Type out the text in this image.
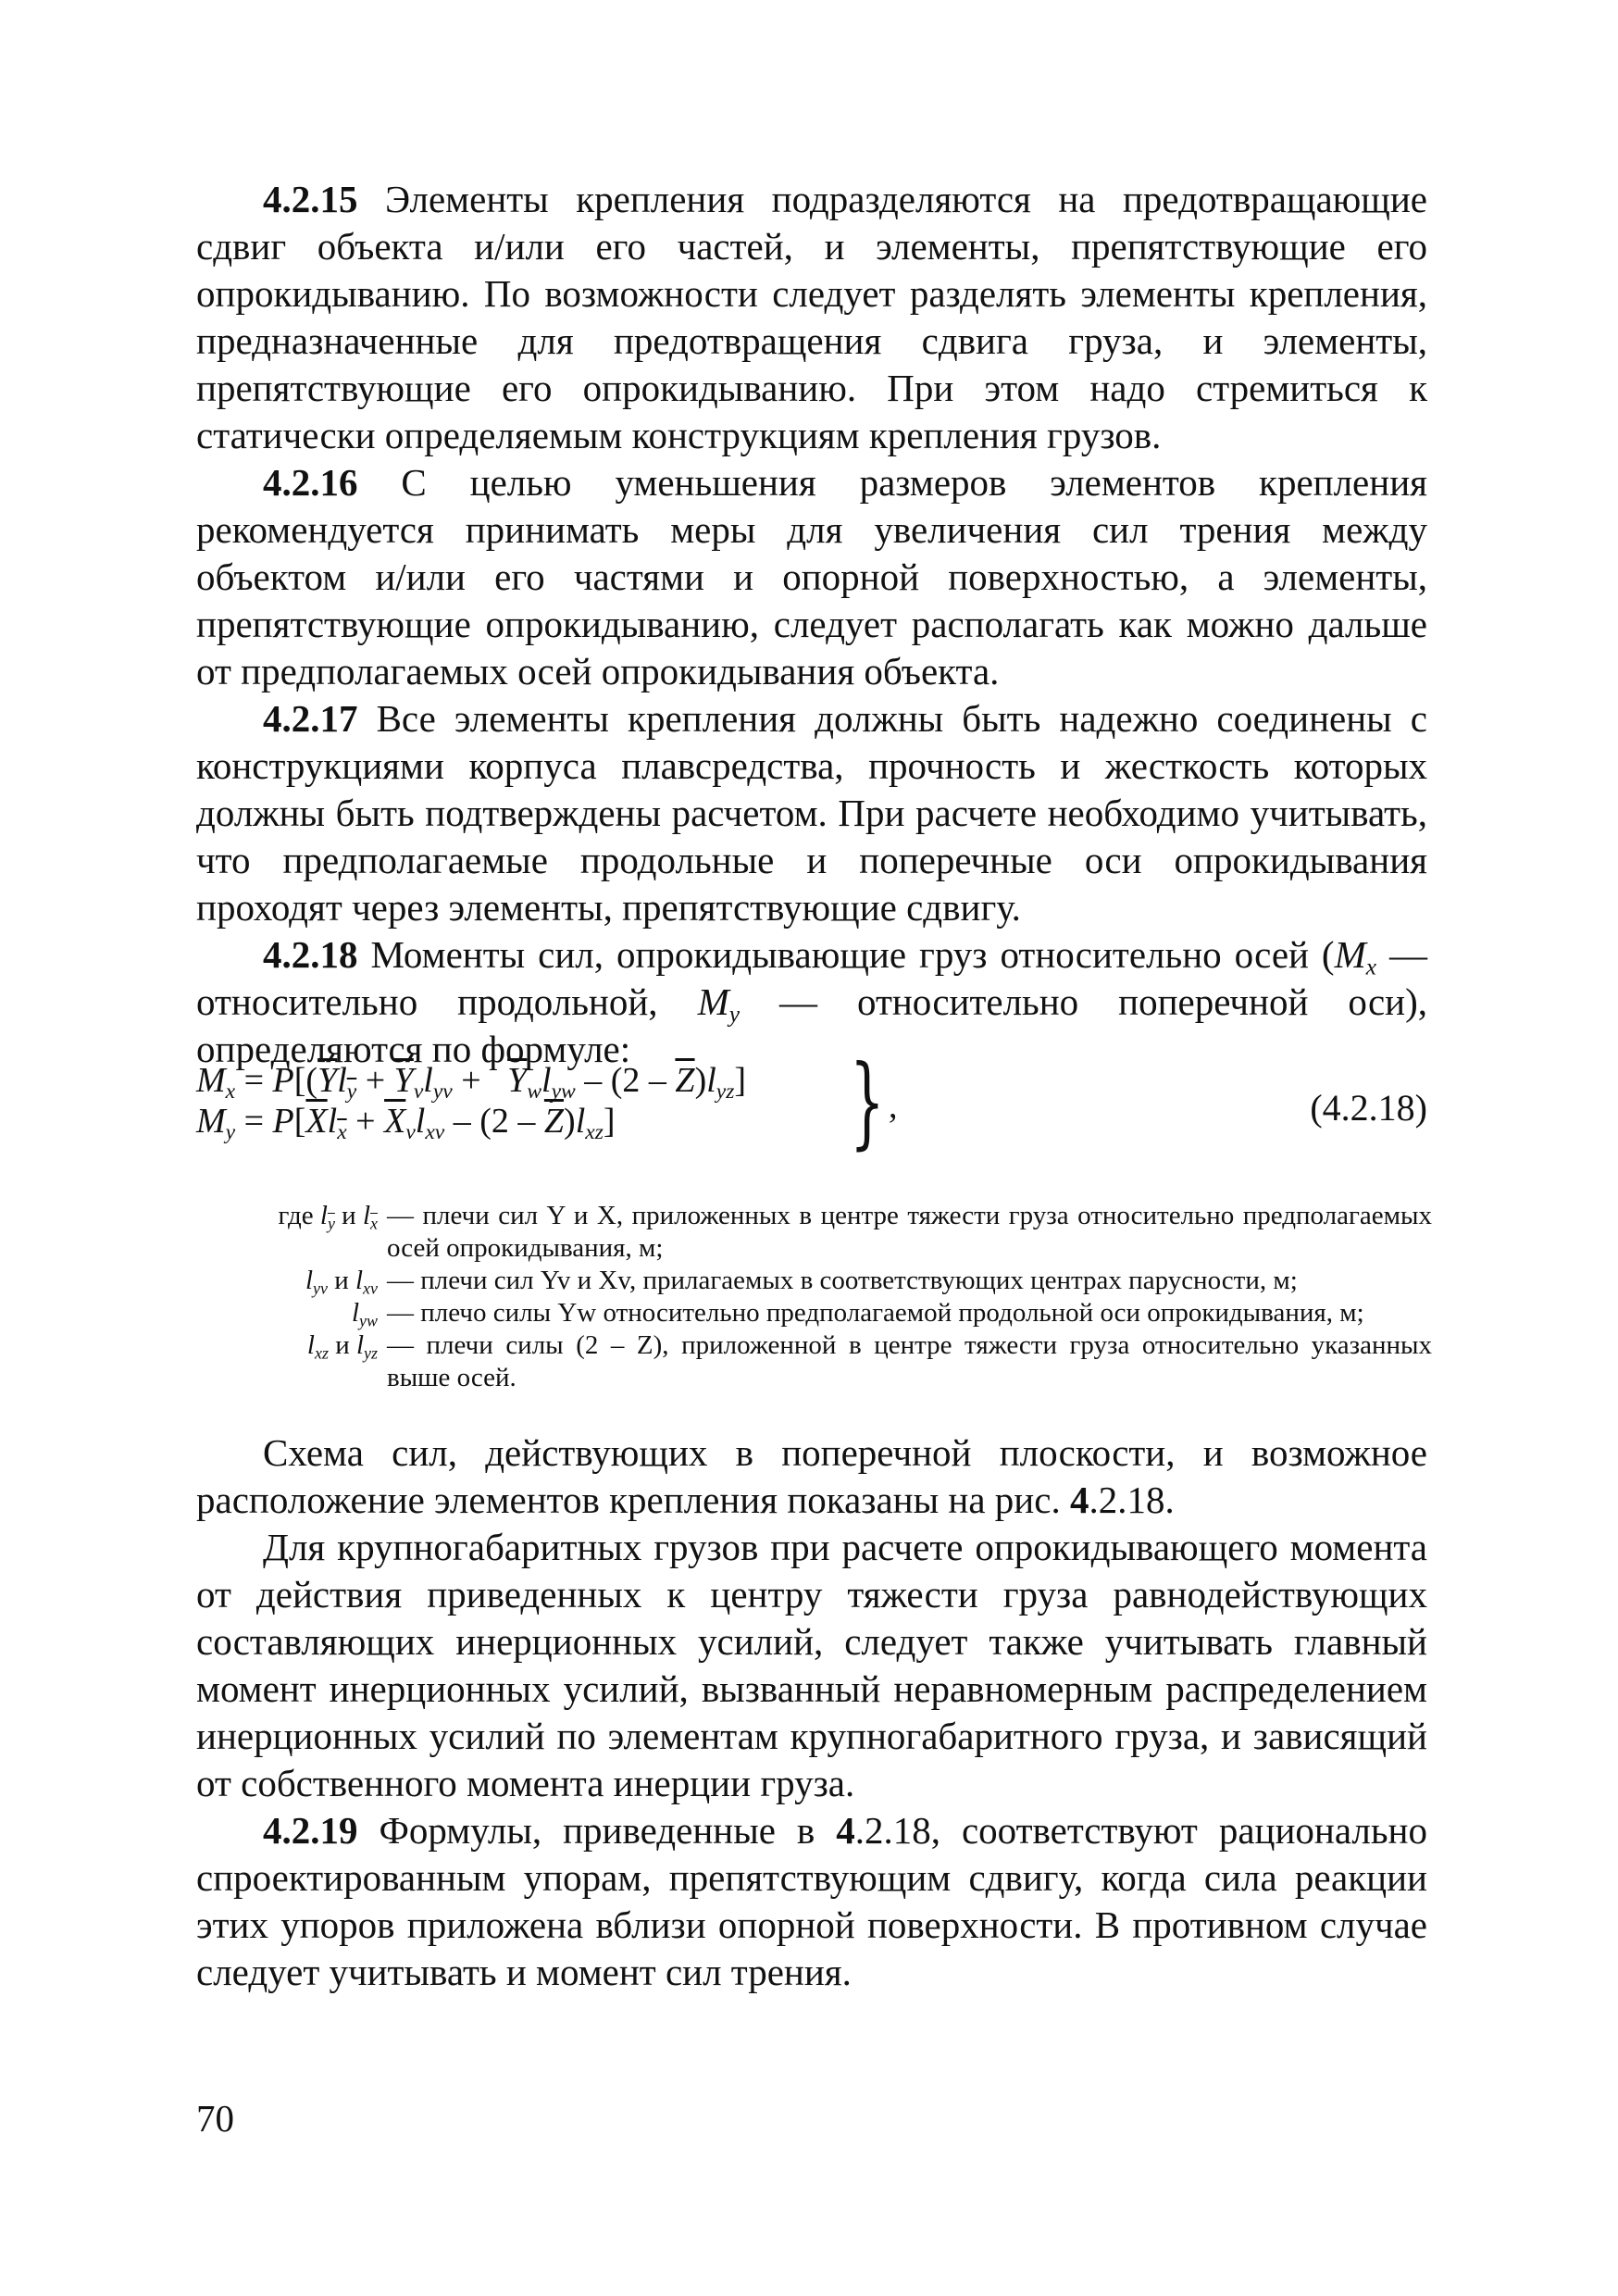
4.2.15 Элементы крепления подразделяются на предотвращающие сдвиг объекта и/или его частей, и элементы, препятствующие его опрокидыванию. По возможности следует разделять элементы крепления, предназначенные для предотвращения сдвига груза, и элементы, препятствующие его опрокидыванию. При этом надо стремиться к статически определяемым конструкциям крепления грузов.

4.2.16 С целью уменьшения размеров элементов крепления рекомендуется принимать меры для увеличения сил трения между объектом и/или его частями и опорной поверхностью, а элементы, препятствующие опрокидыванию, следует располагать как можно дальше от предполагаемых осей опрокидывания объекта.

4.2.17 Все элементы крепления должны быть надежно соединены с конструкциями корпуса плавсредства, прочность и жесткость которых должны быть подтверждены расчетом. При расчете необходимо учитывать, что предполагаемые продольные и поперечные оси опрокидывания проходят через элементы, препятствующие сдвигу.

4.2.18 Моменты сил, опрокидывающие груз относительно осей ($M_x$ — относительно продольной, $M_y$ — относительно поперечной оси), определяются по формуле:

$M_x = P[(\overline{Y}l_{\overline{y}} + \overline{Y}_vl_{yv} + \overline{Y}_wl_{yw} - (2 - \overline{Z})l_{yz}]$
$M_y = P[\overline{X}l_{\overline{x}} + \overline{X}_vl_{xv} - (2 - \overline{Z})l_{xz}]$ } ,	(4.2.18)
где $l_{\overline{y}}$ и $l_{\overline{x}}$ — плечи сил Y и X, приложенных в центре тяжести груза относительно предполагаемых осей опрокидывания, м;
$l_{yv}$ и $l_{xv}$ — плечи сил Yv и Xv, прилагаемых в соответствующих центрах парусности, м;
$l_{yw}$ — плечо силы Yw относительно предполагаемой продольной оси опрокидывания, м;
$l_{xz}$ и $l_{yz}$ — плечи силы (2 – Z), приложенной в центре тяжести груза относительно указанных выше осей.

Схема сил, действующих в поперечной плоскости, и возможное расположение элементов крепления показаны на рис. 4.2.18.

Для крупногабаритных грузов при расчете опрокидывающего момента от действия приведенных к центру тяжести груза равнодействующих составляющих инерционных усилий, следует также учитывать главный момент инерционных усилий, вызванный неравномерным распределением инерционных усилий по элементам крупногабаритного груза, и зависящий от собственного момента инерции груза.

4.2.19 Формулы, приведенные в 4.2.18, соответствуют рационально спроектированным упорам, препятствующим сдвигу, когда сила реакции этих упоров приложена вблизи опорной поверхности. В противном случае следует учитывать и момент сил трения.

70
